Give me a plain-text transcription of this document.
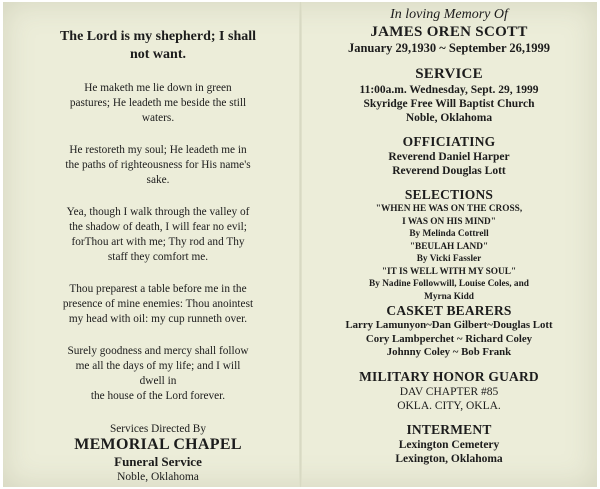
The Lord is my shepherd; I shall
not want.
He maketh me lie down in green
pastures; He leadeth me beside the still
waters.
He restoreth my soul; He leadeth me in
the paths of righteousness for His name's
sake.
Yea, though I walk through the valley of
the shadow of death, I will fear no evil;
forThou art with me; Thy rod and Thy
staff they comfort me.
Thou preparest a table before me in the
presence of mine enemies: Thou anointest
my head with oil: my cup runneth over.
Surely goodness and mercy shall follow
me all the days of my life; and I will
dwell in
the house of the Lord forever.
Services Directed By
MEMORIAL CHAPEL
Funeral Service
Noble, Oklahoma
In loving Memory Of
JAMES OREN SCOTT
January 29,1930 ~ September 26,1999
SERVICE
11:00a.m. Wednesday, Sept. 29, 1999
Skyridge Free Will Baptist Church
Noble, Oklahoma
OFFICIATING
Reverend Daniel Harper
Reverend Douglas Lott
SELECTIONS
"WHEN HE WAS ON THE CROSS,
I WAS ON HIS MIND"
By Melinda Cottrell
"BEULAH LAND"
By Vicki Fassler
"IT IS WELL WITH MY SOUL"
By Nadine Followwill, Louise Coles, and
Myrna Kidd
CASKET BEARERS
Larry Lamunyon~Dan Gilbert~Douglas Lott
Cory Lambperchet ~ Richard Coley
Johnny Coley ~ Bob Frank
MILITARY HONOR GUARD
DAV CHAPTER #85
OKLA. CITY, OKLA.
INTERMENT
Lexington Cemetery
Lexington, Oklahoma
